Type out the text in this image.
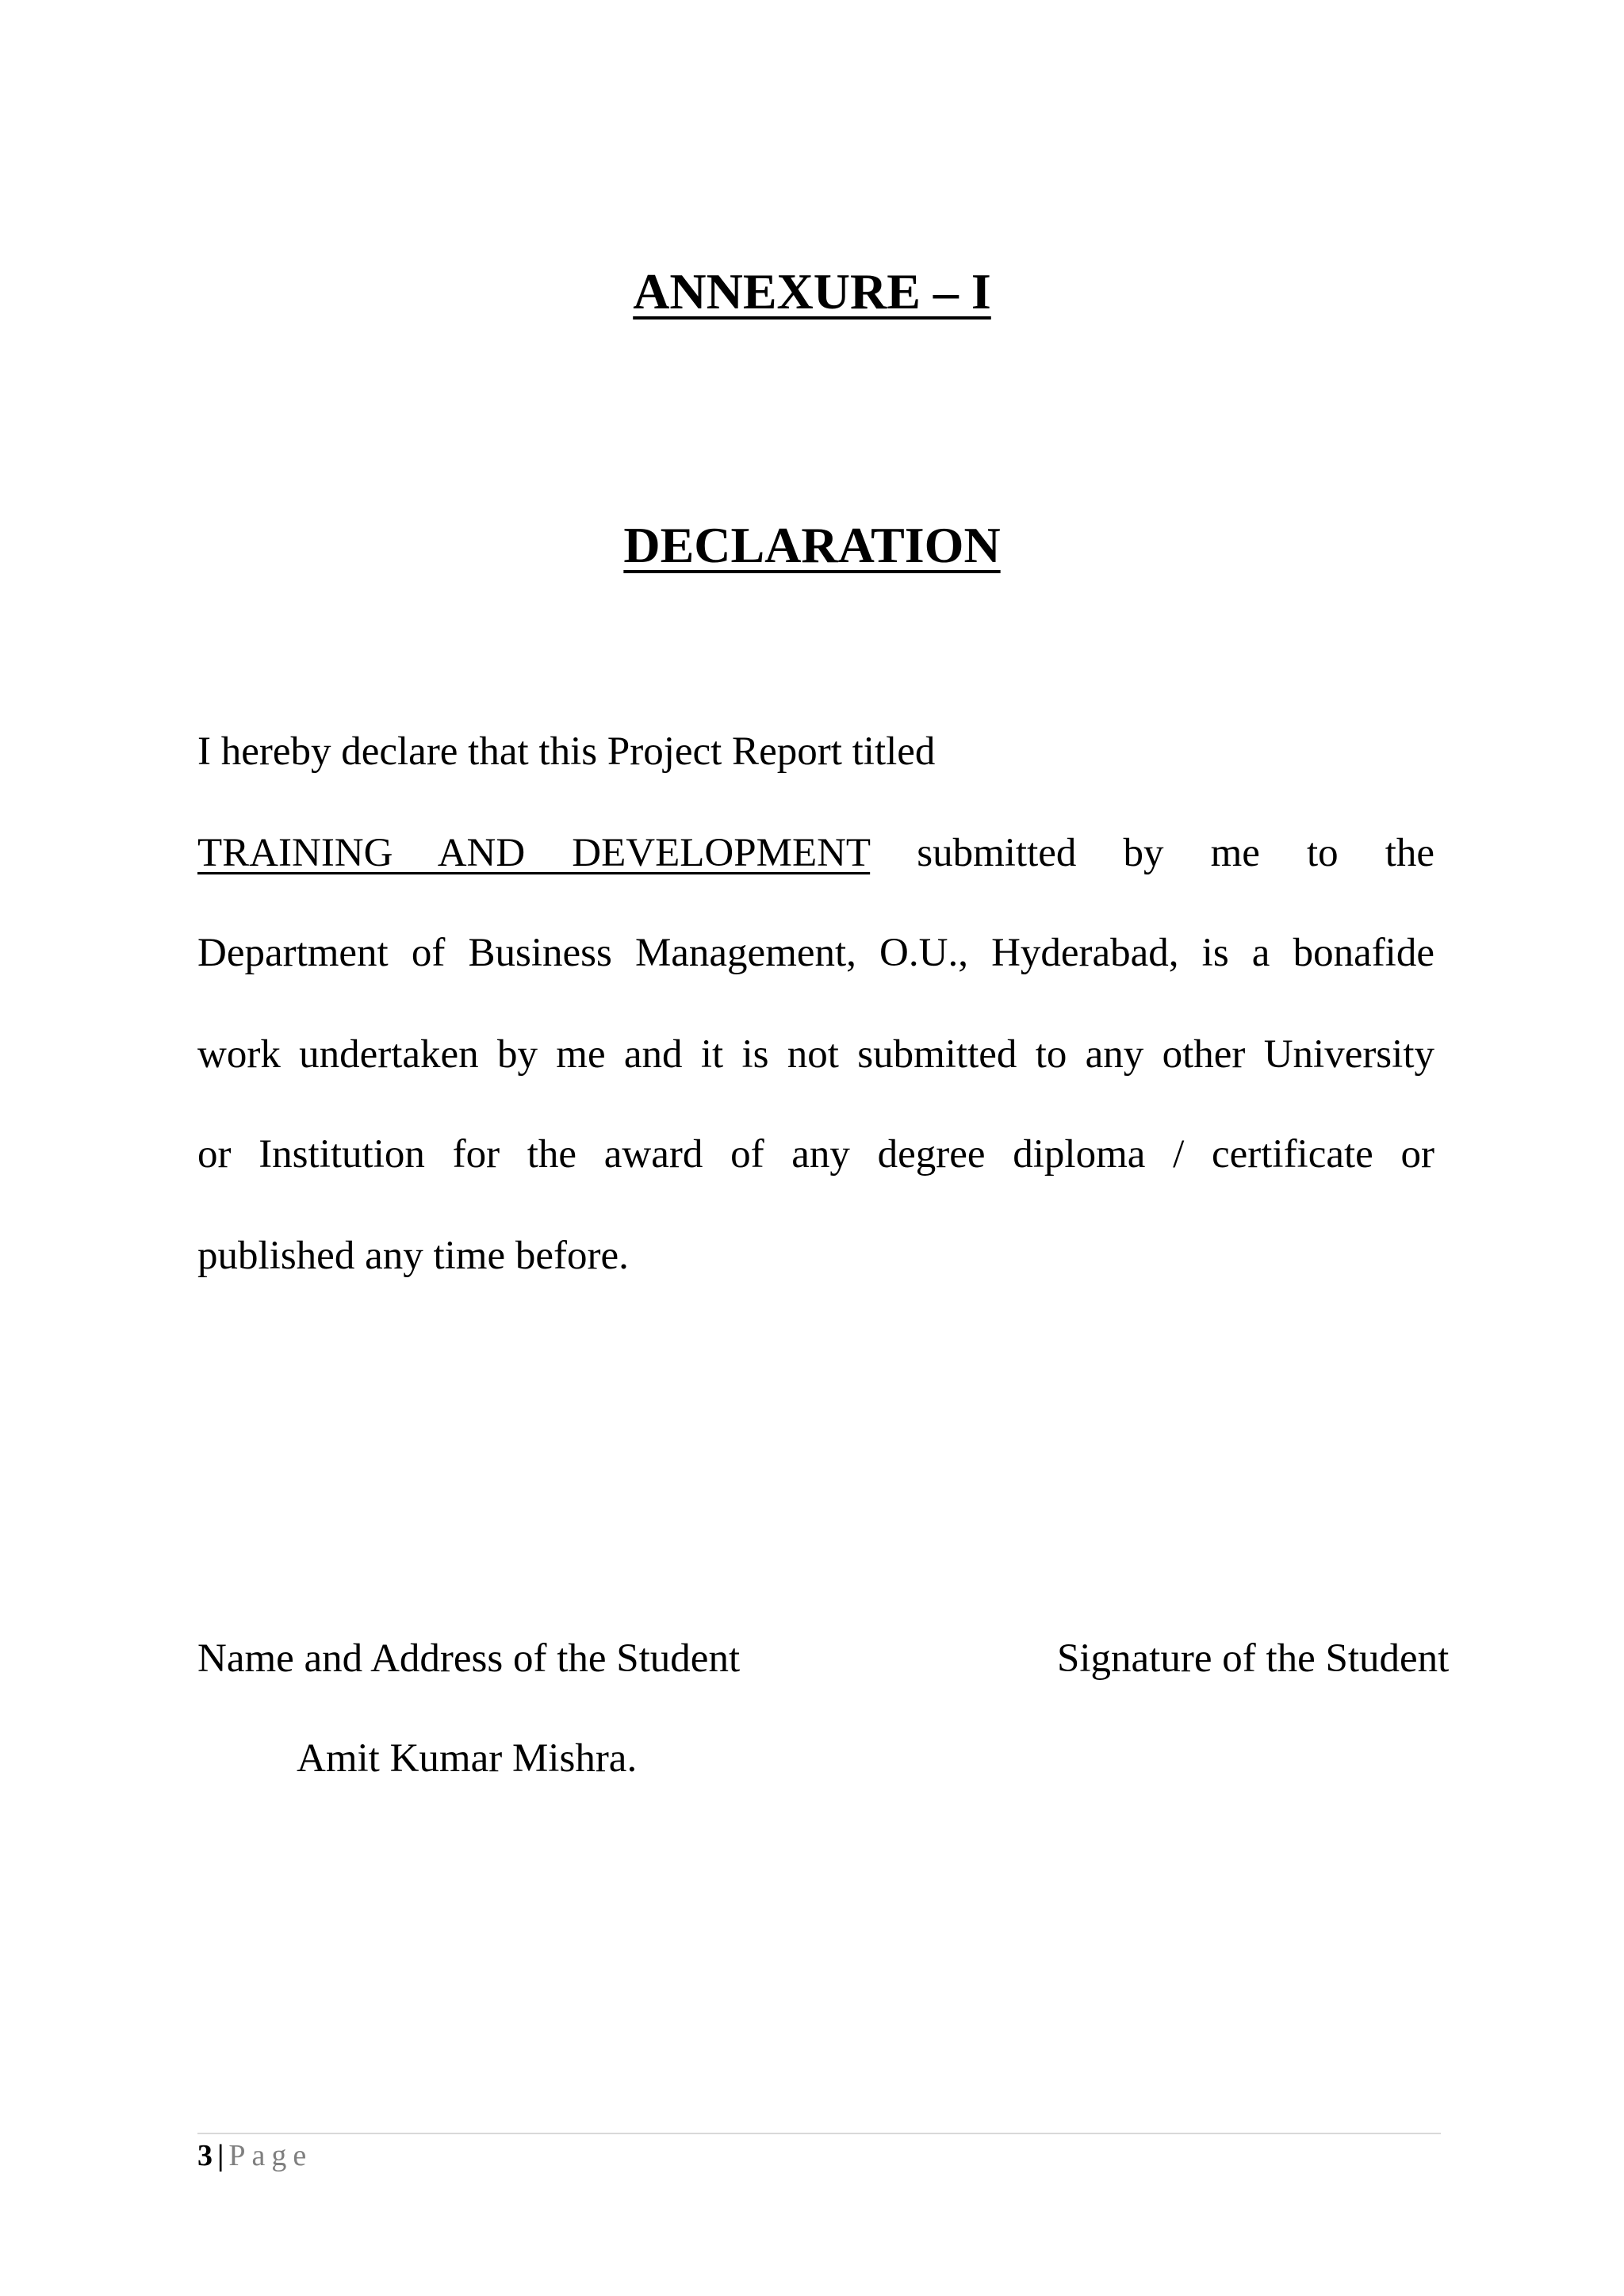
ANNEXURE – I
DECLARATION
I hereby declare that this Project Report titled
TRAINING AND DEVELOPMENT submitted by me to the
Department of Business Management, O.U., Hyderabad, is a bonafide
work undertaken by me and it is not submitted to any other University
or Institution for the award of any degree diploma / certificate or
published any time before.
Name and Address of the Student	Signature of the Student
Amit Kumar Mishra.
3 | Page
